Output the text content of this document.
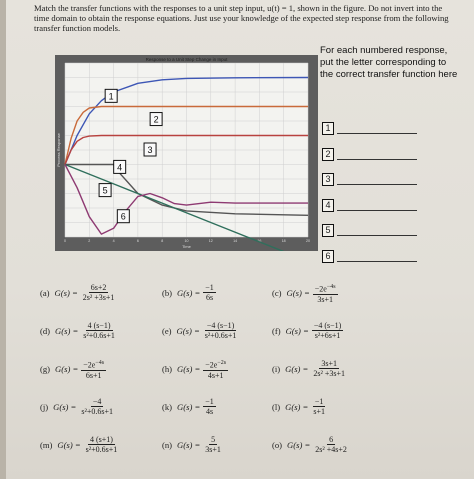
Match the transfer functions with the responses to a unit step input, u(t) = 1, shown in the figure. Do not invert into the time domain to obtain the response equations. Just use your knowledge of the expected step response from the following transfer function models.
0	2	4	6	8	10	12	14	16	18	20
Response to a Unit Step Change in Input
Time
Process Response
1
2
3
4
5
6
For each numbered response, put the letter corresponding to the correct transfer function here
1
2
3
4
5
6
(a) $G(s) = \frac{6s+2}{\text{2s² +3s+1}}$	(b) $G(s) = \frac{-1}{6s}$	(c) $G(s) = \frac{-2e^{-4s}}{3s+1}$
(d) $G(s) = \frac{4 (s-1)}{\text{s²+0.6s+1}}$	(e) $G(s) = \frac{-4 (s-1)}{\text{s²+0.6s+1}}$	(f) $G(s) = \frac{-4 (s-1)}{\text{s²+6s+1}}$
(g) $G(s) = \frac{-2e^{-4s}}{6s+1}$	(h) $G(s) = \frac{-2e^{-2s}}{4s+1}$	(i) $G(s) = \frac{3s+1}{\text{2s² +3s+1}}$
(j) $G(s) = \frac{-4}{\text{s²+0.6s+1}}$	(k) $G(s) = \frac{-1}{4s}$	(l) $G(s) = \frac{-1}{s+1}$
(m) $G(s) = \frac{4 (s+1)}{\text{s²+0.6s+1}}$	(n) $G(s) = \frac{5}{3s+1}$	(o) $G(s) = \frac{6}{\text{2s² +4s+2}}$
